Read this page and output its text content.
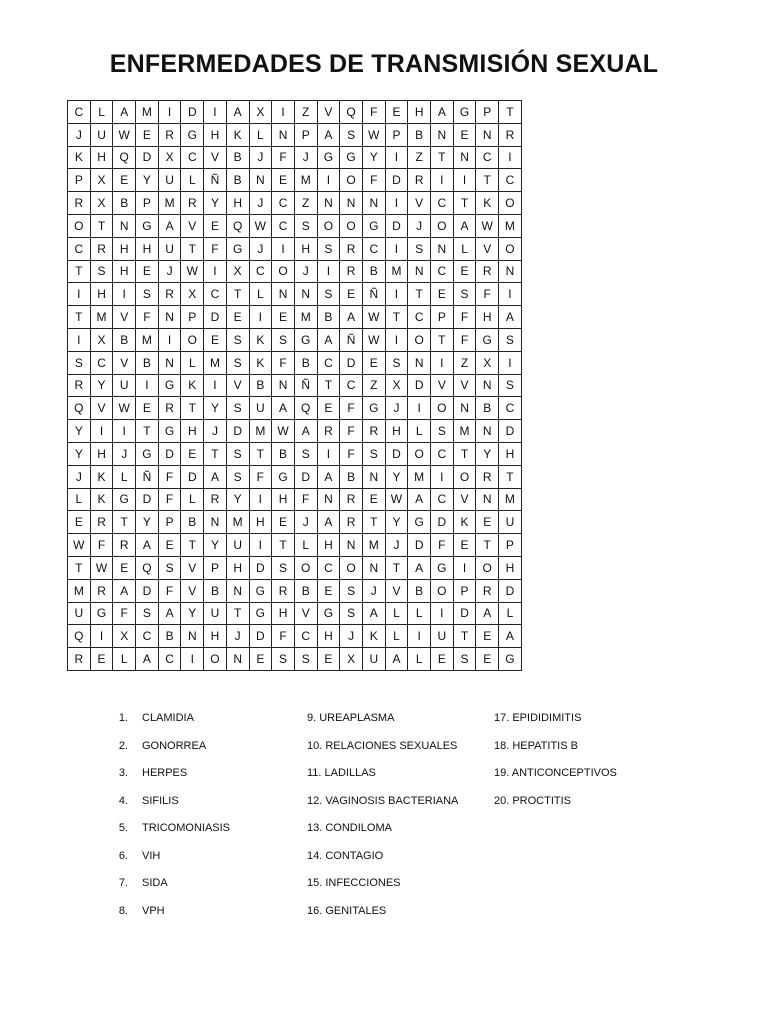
ENFERMEDADES DE TRANSMISIÓN SEXUAL
C	L	A	M	I	D	I	A	X	I	Z	V	Q	F	E	H	A	G	P	T
J	U	W	E	R	G	H	K	L	N	P	A	S	W	P	B	N	E	N	R
K	H	Q	D	X	C	V	B	J	F	J	G	G	Y	I	Z	T	N	C	I
P	X	E	Y	U	L	Ñ	B	N	E	M	I	O	F	D	R	I	I	T	C
R	X	B	P	M	R	Y	H	J	C	Z	N	N	N	I	V	C	T	K	O
O	T	N	G	A	V	E	Q	W	C	S	O	O	G	D	J	O	A	W	M
C	R	H	H	U	T	F	G	J	I	H	S	R	C	I	S	N	L	V	O
T	S	H	E	J	W	I	X	C	O	J	I	R	B	M	N	C	E	R	N
I	H	I	S	R	X	C	T	L	N	N	S	E	Ñ	I	T	E	S	F	I
T	M	V	F	N	P	D	E	I	E	M	B	A	W	T	C	P	F	H	A
I	X	B	M	I	O	E	S	K	S	G	A	Ñ	W	I	O	T	F	G	S
S	C	V	B	N	L	M	S	K	F	B	C	D	E	S	N	I	Z	X	I
R	Y	U	I	G	K	I	V	B	N	Ñ	T	C	Z	X	D	V	V	N	S
Q	V	W	E	R	T	Y	S	U	A	Q	E	F	G	J	I	O	N	B	C
Y	I	I	T	G	H	J	D	M	W	A	R	F	R	H	L	S	M	N	D
Y	H	J	G	D	E	T	S	T	B	S	I	F	S	D	O	C	T	Y	H
J	K	L	Ñ	F	D	A	S	F	G	D	A	B	N	Y	M	I	O	R	T
L	K	G	D	F	L	R	Y	I	H	F	N	R	E	W	A	C	V	N	M
E	R	T	Y	P	B	N	M	H	E	J	A	R	T	Y	G	D	K	E	U
W	F	R	A	E	T	Y	U	I	T	L	H	N	M	J	D	F	E	T	P
T	W	E	Q	S	V	P	H	D	S	O	C	O	N	T	A	G	I	O	H
M	R	A	D	F	V	B	N	G	R	B	E	S	J	V	B	O	P	R	D
U	G	F	S	A	Y	U	T	G	H	V	G	S	A	L	L	I	D	A	L
Q	I	X	C	B	N	H	J	D	F	C	H	J	K	L	I	U	T	E	A
R	E	L	A	C	I	O	N	E	S	S	E	X	U	A	L	E	S	E	G
1. CLAMIDIA
2. GONORREA
3. HERPES
4. SIFILIS
5. TRICOMONIASIS
6. VIH
7. SIDA
8. VPH
9. UREAPLASMA
10. RELACIONES SEXUALES
11. LADILLAS
12. VAGINOSIS BACTERIANA
13. CONDILOMA
14. CONTAGIO
15. INFECCIONES
16. GENITALES
17. EPIDIDIMITIS
18. HEPATITIS B
19. ANTICONCEPTIVOS
20. PROCTITIS
